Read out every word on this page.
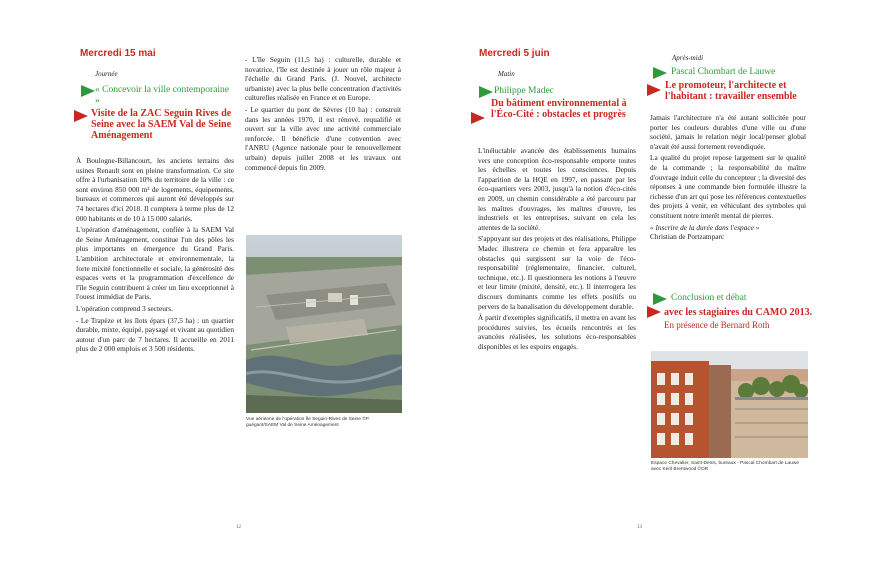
Mercredi 15 mai
Journée
« Concevoir la ville contemporaine »
Visite de la ZAC Seguin Rives de Seine avec la SAEM Val de Seine Aménagement

À Boulogne-Billancourt, les anciens terrains des usines Renault sont en pleine transformation. Ce site offre à l'urbanisation 10% du territoire de la ville : ce sont environ 850 000 m² de logements, équipements, bureaux et commerces qui auront été développés sur 74 hectares d'ici 2018. Il comptera à terme plus de 12 000 habitants et de 10 à 15 000 salariés.

L'opération d'aménagement, confiée à la SAEM Val de Seine Aménagement, constitue l'un des pôles les plus importants en émergence du Grand Paris. L'ambition architecturale et environnementale, la forte mixité fonctionnelle et sociale, la générosité des espaces verts et la programmation d'excellence de l'île Seguin contribuent à créer un lieu exceptionnel à l'ouest immédiat de Paris.

L'opération comprend 3 secteurs.

- Le Trapèze et les îlots épars (37,5 ha) : un quartier durable, mixte, équipé, paysagé et vivant au quotidien autour d'un parc de 7 hectares. Il accueille en 2011 plus de 2 000 emplois et 3 500 résidents.

- L'île Seguin (11,5 ha) : culturelle, durable et novatrice, l'île est destinée à jouer un rôle majeur à l'échelle du Grand Paris. (J. Nouvel, architecte urbaniste) avec la plus belle concentration d'activités culturelles réalisée en France et en Europe.

- Le quartier du pont de Sèvres (10 ha) : construit dans les années 1970, il est rénové, requalifié et ouvert sur la ville avec une activité commerciale renforcée. Il bénéficie d'une convention avec l'ANRU (Agence nationale pour le renouvellement urbain) depuis juillet 2008 et les travaux ont commencé depuis fin 2009.

Vue aérienne de l'opération Île Seguin-Rives de Seine ©P. guégant/SAEM Val de Seine Aménagement
12
Mercredi 5 juin
Matin
Philippe Madec
Du bâtiment environnemental à l'Éco-Cité : obstacles et progrès

L'inéluctable avancée des établissements humains vers une conception éco-responsable emporte toutes les échelles et toutes les consciences. Depuis l'apparition de la HQE en 1997, en passant par les éco-quartiers vers 2003, jusqu'à la notion d'éco-cités en 2009, un chemin considérable a été parcouru par les maîtres d'ouvrages, les maîtres d'œuvre, les industriels et les entreprises, suivant en cela les attentes de la société.

S'appuyant sur des projets et des réalisations, Philippe Madec illustrera ce chemin et fera apparaître les obstacles qui surgissent sur la voie de l'éco-responsabilité (réglementaire, financier, culturel, technique, etc.). Il questionnera les notions à l'œuvre et leur limite (mixité, densité, etc.). Il interrogera les discours dominants comme les effets positifs ou pervers de la banalisation du développement durable.

À partir d'exemples significatifs, il mettra en avant les procédures suivies, les écueils rencontrés et les avancées réalisées, les solutions éco-responsables disponibles et les espoirs engagés.

Après-midi
Pascal Chombart de Lauwe
Le promoteur, l'architecte et l'habitant : travailler ensemble

Jamais l'architecture n'a été autant sollicitée pour porter les couleurs durables d'une ville ou d'une société, jamais le relation négir local/penser global n'avait été aussi fortement revendiquée.

La qualité du projet repose largement sur le qualité de la commande ; la responsabilité du maître d'ouvrage induit celle du concepteur ; la diversité des réponses à une commande bien formulée illustre la richesse d'un art qui pose les références contextuelles des projets à venir, en véhiculant des symboles qui constituent notre interêt mental de pierres.

« Inscrire de la durée dans l'espace »

Christian de Portzamparc

Conclusion et débat
avec les stagiaires du CAMO 2013. En présence de Bernard Roth
Espace Chevalier, Saint-Denis, bureaux - Pascal Chombart de Lauwe avec Kéril Brentwood ©DR
13
